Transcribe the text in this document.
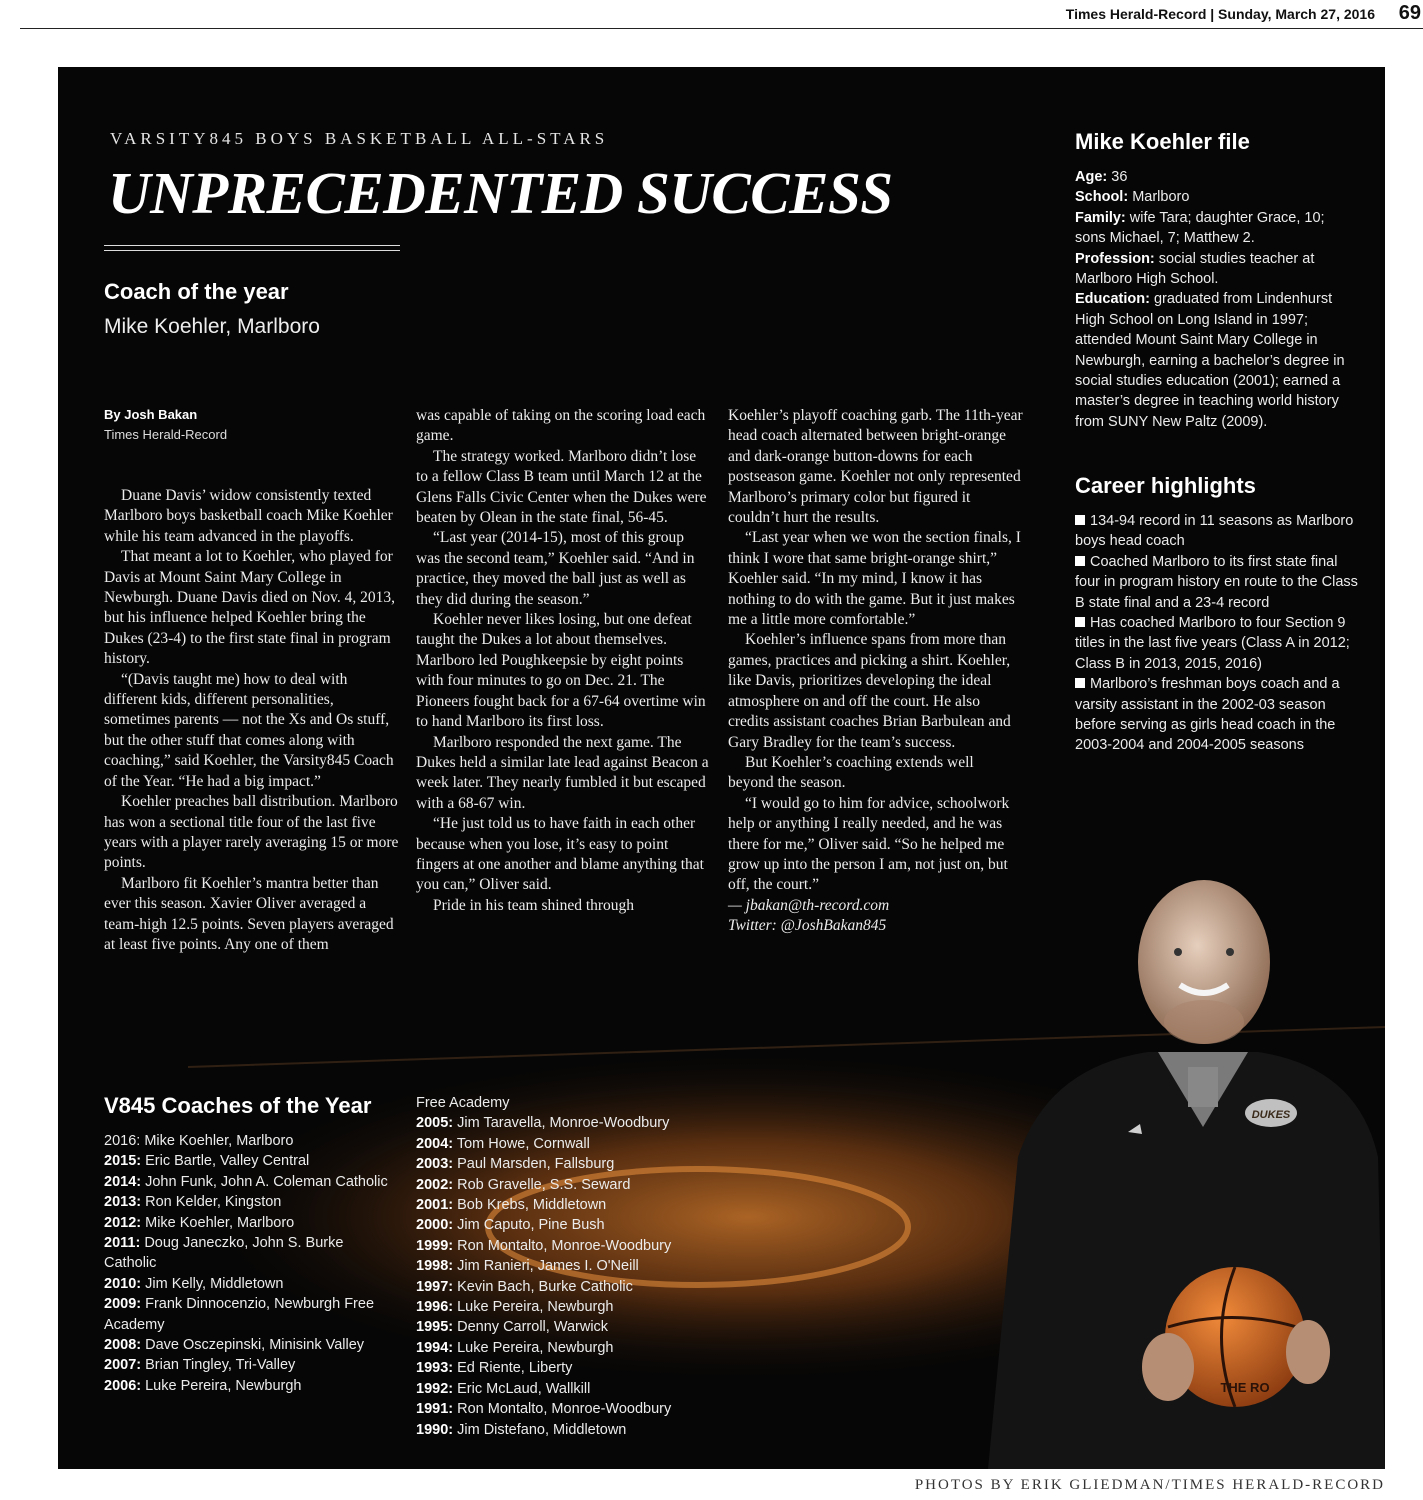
Times Herald-Record | Sunday, March 27, 2016 69
DUKES
THE RO
VARSITY845 BOYS BASKETBALL ALL-STARS
UNPRECEDENTED SUCCESS
Coach of the year
Mike Koehler, Marlboro
By Josh Bakan
Times Herald-Record

Duane Davis’ widow consistently texted Marlboro boys basketball coach Mike Koehler while his team advanced in the playoffs.

That meant a lot to Koehler, who played for Davis at Mount Saint Mary College in Newburgh. Duane Davis died on Nov. 4, 2013, but his influence helped Koehler bring the Dukes (23-4) to the first state final in program history.

“(Davis taught me) how to deal with different kids, different personalities, sometimes parents — not the Xs and Os stuff, but the other stuff that comes along with coaching,” said Koehler, the Varsity845 Coach of the Year. “He had a big impact.”

Koehler preaches ball distribution. Marlboro has won a sectional title four of the last five years with a player rarely averaging 15 or more points.

Marlboro fit Koehler’s mantra better than ever this season. Xavier Oliver averaged a team-high 12.5 points. Seven players averaged at least five points. Any one of them

was capable of taking on the scoring load each game.

The strategy worked. Marlboro didn’t lose to a fellow Class B team until March 12 at the Glens Falls Civic Center when the Dukes were beaten by Olean in the state final, 56-45.

“Last year (2014-15), most of this group was the second team,” Koehler said. “And in practice, they moved the ball just as well as they did during the season.”

Koehler never likes losing, but one defeat taught the Dukes a lot about themselves. Marlboro led Poughkeepsie by eight points with four minutes to go on Dec. 21. The Pioneers fought back for a 67-64 overtime win to hand Marlboro its first loss.

Marlboro responded the next game. The Dukes held a similar late lead against Beacon a week later. They nearly fumbled it but escaped with a 68-67 win.

“He just told us to have faith in each other because when you lose, it’s easy to point fingers at one another and blame anything that you can,” Oliver said.

Pride in his team shined through

Koehler’s playoff coaching garb. The 11th-year head coach alternated between bright-orange and dark-orange button-downs for each postseason game. Koehler not only represented Marlboro’s primary color but figured it couldn’t hurt the results.

“Last year when we won the section finals, I think I wore that same bright-orange shirt,” Koehler said. “In my mind, I know it has nothing to do with the game. But it just makes me a little more comfortable.”

Koehler’s influence spans from more than games, practices and picking a shirt. Koehler, like Davis, prioritizes developing the ideal atmosphere on and off the court. He also credits assistant coaches Brian Barbulean and Gary Bradley for the team’s success.

But Koehler’s coaching extends well beyond the season.

“I would go to him for advice, schoolwork help or anything I really needed, and he was there for me,” Oliver said. “So he helped me grow up into the person I am, not just on, but off, the court.”

— jbakan@th-record.com

Twitter: @JoshBakan845

Mike Koehler file
Age: 36
School: Marlboro
Family: wife Tara; daughter Grace, 10; sons Michael, 7; Matthew 2.
Profession: social studies teacher at Marlboro High School.
Education: graduated from Lindenhurst High School on Long Island in 1997; attended Mount Saint Mary College in Newburgh, earning a bachelor’s degree in social studies education (2001); earned a master’s degree in teaching world history from SUNY New Paltz (2009).
Career highlights
134-94 record in 11 seasons as Marlboro boys head coach
Coached Marlboro to its first state final four in program history en route to the Class B state final and a 23-4 record
Has coached Marlboro to four Section 9 titles in the last five years (Class A in 2012; Class B in 2013, 2015, 2016)
Marlboro’s freshman boys coach and a varsity assistant in the 2002-03 season before serving as girls head coach in the 2003-2004 and 2004-2005 seasons
V845 Coaches of the Year
2016: Mike Koehler, Marlboro
2015: Eric Bartle, Valley Central
2014: John Funk, John A. Coleman Catholic
2013: Ron Kelder, Kingston
2012: Mike Koehler, Marlboro
2011: Doug Janeczko, John S. Burke Catholic
2010: Jim Kelly, Middletown
2009: Frank Dinnocenzio, Newburgh Free Academy
2008: Dave Osczepinski, Minisink Valley
2007: Brian Tingley, Tri-Valley
2006: Luke Pereira, Newburgh
Free Academy
2005: Jim Taravella, Monroe-Woodbury
2004: Tom Howe, Cornwall
2003: Paul Marsden, Fallsburg
2002: Rob Gravelle, S.S. Seward
2001: Bob Krebs, Middletown
2000: Jim Caputo, Pine Bush
1999: Ron Montalto, Monroe-Woodbury
1998: Jim Ranieri, James I. O'Neill
1997: Kevin Bach, Burke Catholic
1996: Luke Pereira, Newburgh
1995: Denny Carroll, Warwick
1994: Luke Pereira, Newburgh
1993: Ed Riente, Liberty
1992: Eric McLaud, Wallkill
1991: Ron Montalto, Monroe-Woodbury
1990: Jim Distefano, Middletown
PHOTOS BY ERIK GLIEDMAN/TIMES HERALD-RECORD
